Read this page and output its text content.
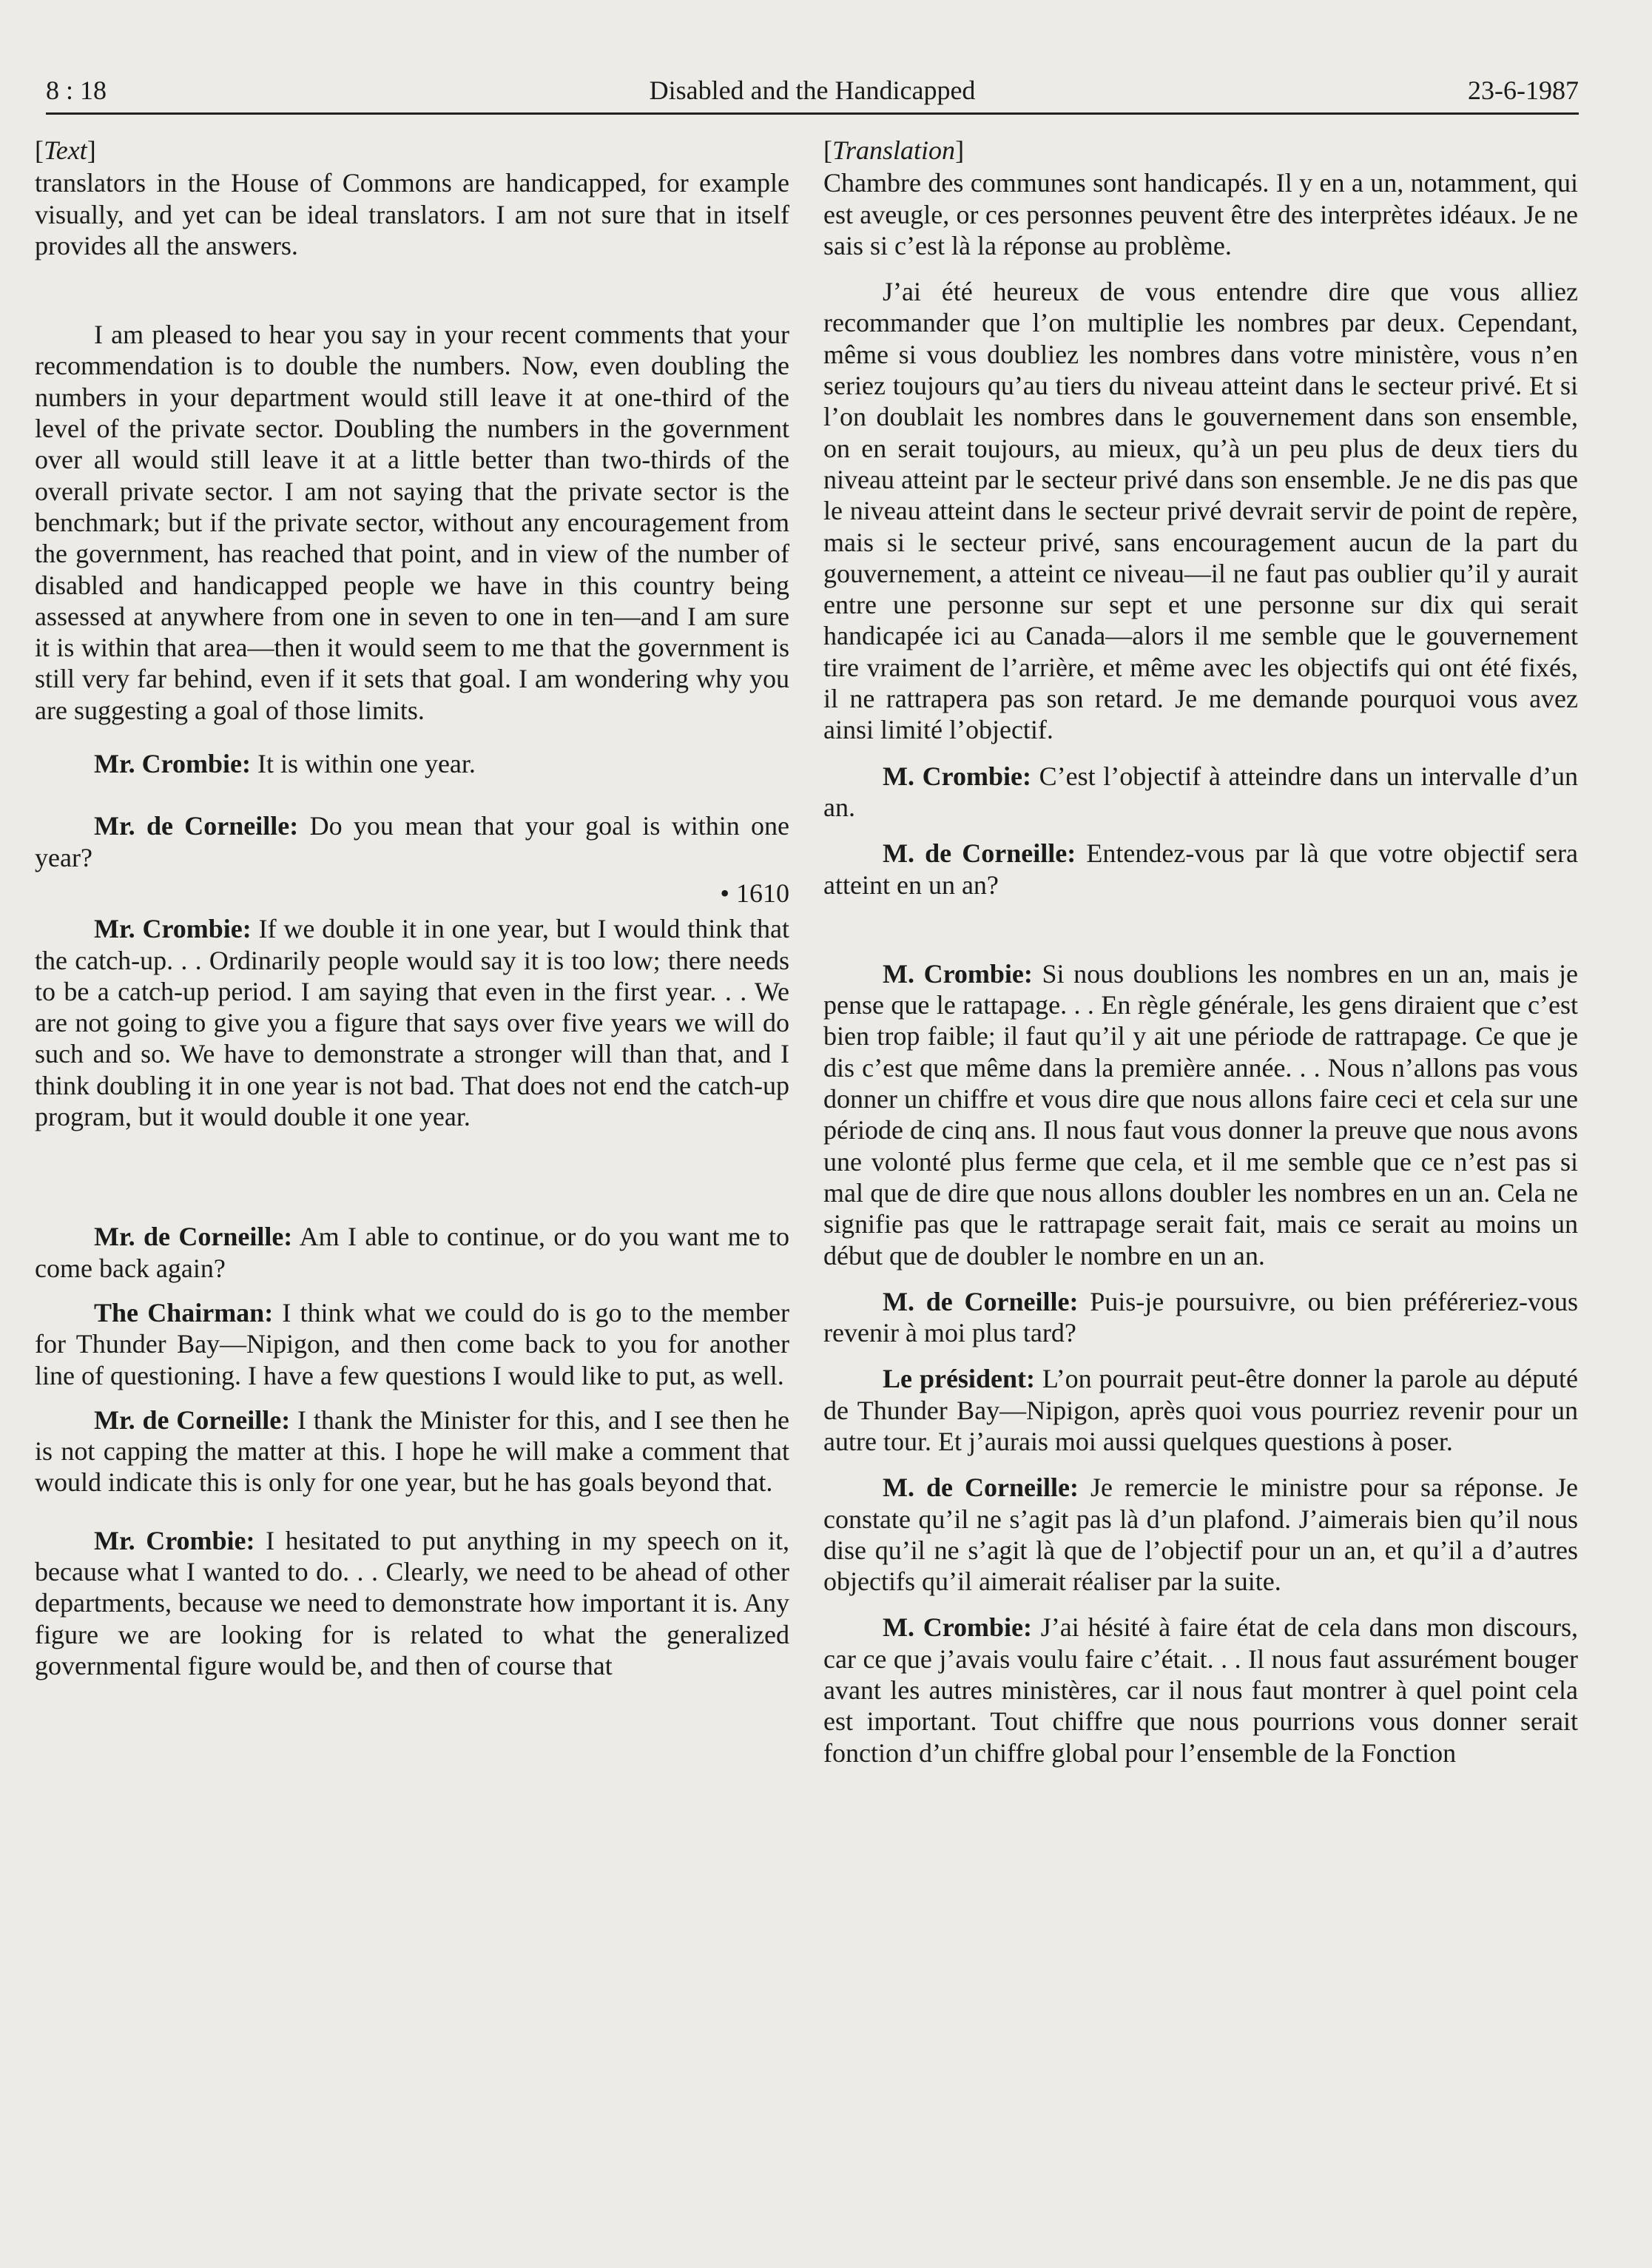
Disabled and the Handicapped
8 : 18	23-6-1987

[Text]

translators in the House of Commons are handicapped, for example visually, and yet can be ideal translators. I am not sure that in itself provides all the answers.

I am pleased to hear you say in your recent comments that your recommendation is to double the numbers. Now, even doubling the numbers in your department would still leave it at one-third of the level of the private sector. Doubling the numbers in the government over all would still leave it at a little better than two-thirds of the overall private sector. I am not saying that the private sector is the benchmark; but if the private sector, without any encouragement from the government, has reached that point, and in view of the number of disabled and handicapped people we have in this country being assessed at anywhere from one in seven to one in ten—and I am sure it is within that area—then it would seem to me that the government is still very far behind, even if it sets that goal. I am wondering why you are suggesting a goal of those limits.

Mr. Crombie: It is within one year.

Mr. de Corneille: Do you mean that your goal is within one year?

• 1610

Mr. Crombie: If we double it in one year, but I would think that the catch-up. . . Ordinarily people would say it is too low; there needs to be a catch-up period. I am saying that even in the first year. . . We are not going to give you a figure that says over five years we will do such and so. We have to demonstrate a stronger will than that, and I think doubling it in one year is not bad. That does not end the catch-up program, but it would double it one year.

Mr. de Corneille: Am I able to continue, or do you want me to come back again?

The Chairman: I think what we could do is go to the member for Thunder Bay—Nipigon, and then come back to you for another line of questioning. I have a few questions I would like to put, as well.

Mr. de Corneille: I thank the Minister for this, and I see then he is not capping the matter at this. I hope he will make a comment that would indicate this is only for one year, but he has goals beyond that.

Mr. Crombie: I hesitated to put anything in my speech on it, because what I wanted to do. . . Clearly, we need to be ahead of other departments, because we need to demonstrate how important it is. Any figure we are looking for is related to what the generalized governmental figure would be, and then of course that

[Translation]

Chambre des communes sont handicapés. Il y en a un, notamment, qui est aveugle, or ces personnes peuvent être des interprètes idéaux. Je ne sais si c’est là la réponse au problème.

J’ai été heureux de vous entendre dire que vous alliez recommander que l’on multiplie les nombres par deux. Cependant, même si vous doubliez les nombres dans votre ministère, vous n’en seriez toujours qu’au tiers du niveau atteint dans le secteur privé. Et si l’on doublait les nombres dans le gouvernement dans son ensemble, on en serait toujours, au mieux, qu’à un peu plus de deux tiers du niveau atteint par le secteur privé dans son ensemble. Je ne dis pas que le niveau atteint dans le secteur privé devrait servir de point de repère, mais si le secteur privé, sans encouragement aucun de la part du gouvernement, a atteint ce niveau—il ne faut pas oublier qu’il y aurait entre une personne sur sept et une personne sur dix qui serait handicapée ici au Canada—alors il me semble que le gouvernement tire vraiment de l’arrière, et même avec les objectifs qui ont été fixés, il ne rattrapera pas son retard. Je me demande pourquoi vous avez ainsi limité l’objectif.

M. Crombie: C’est l’objectif à atteindre dans un intervalle d’un an.

M. de Corneille: Entendez-vous par là que votre objectif sera atteint en un an?

M. Crombie: Si nous doublions les nombres en un an, mais je pense que le rattapage. . . En règle générale, les gens diraient que c’est bien trop faible; il faut qu’il y ait une période de rattrapage. Ce que je dis c’est que même dans la première année. . . Nous n’allons pas vous donner un chiffre et vous dire que nous allons faire ceci et cela sur une période de cinq ans. Il nous faut vous donner la preuve que nous avons une volonté plus ferme que cela, et il me semble que ce n’est pas si mal que de dire que nous allons doubler les nombres en un an. Cela ne signifie pas que le rattrapage serait fait, mais ce serait au moins un début que de doubler le nombre en un an.

M. de Corneille: Puis-je poursuivre, ou bien préféreriez-vous revenir à moi plus tard?

Le président: L’on pourrait peut-être donner la parole au député de Thunder Bay—Nipigon, après quoi vous pourriez revenir pour un autre tour. Et j’aurais moi aussi quelques questions à poser.

M. de Corneille: Je remercie le ministre pour sa réponse. Je constate qu’il ne s’agit pas là d’un plafond. J’aimerais bien qu’il nous dise qu’il ne s’agit là que de l’objectif pour un an, et qu’il a d’autres objectifs qu’il aimerait réaliser par la suite.

M. Crombie: J’ai hésité à faire état de cela dans mon discours, car ce que j’avais voulu faire c’était. . . Il nous faut assurément bouger avant les autres ministères, car il nous faut montrer à quel point cela est important. Tout chiffre que nous pourrions vous donner serait fonction d’un chiffre global pour l’ensemble de la Fonction
